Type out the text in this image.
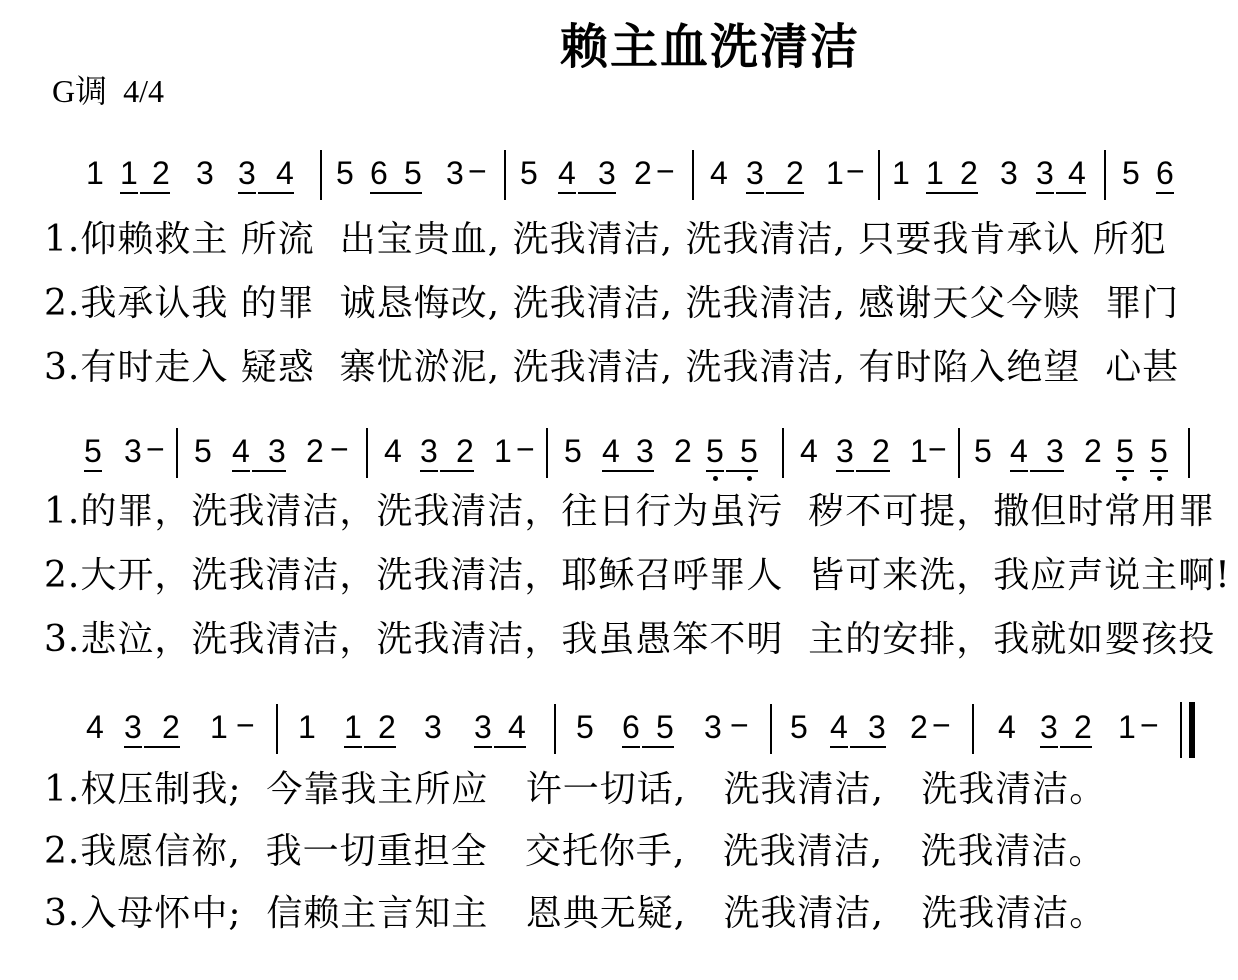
赖主血洗清洁
G调  4/4
1 1 2 3 3 4 5 6 5 3 − 5 4 3 2 − 4 3 2 1 − 1 1 2 3 3 4 5 6
1.仰赖救主 所流  出宝贵血, 洗我清洁, 洗我清洁, 只要我肯承认 所犯
2.我承认我 的罪  诚恳悔改, 洗我清洁, 洗我清洁, 感谢天父今赎  罪门
3.有时走入 疑惑  寨忧淤泥, 洗我清洁, 洗我清洁, 有时陷入绝望  心甚
5 3 − 5 4 3 2 − 4 3 2 1 − 5 4 3 2 5 5 4 3 2 1 − 5 4 3 2 5 5
1.的罪，洗我清洁，洗我清洁，往日行为虽污  秽不可提，撒但时常用罪
2.大开，洗我清洁，洗我清洁，耶稣召呼罪人  皆可来洗，我应声说主啊!
3.悲泣，洗我清洁，洗我清洁，我虽愚笨不明  主的安排，我就如婴孩投
4 3 2 1 − 1 1 2 3 3 4 5 6 5 3 − 5 4 3 2 − 4 3 2 1 −
1.权压制我;  今靠我主所应   许一切话,   洗我清洁,   洗我清洁。
2.我愿信祢,  我一切重担全   交托你手,   洗我清洁,   洗我清洁。
3.入母怀中;  信赖主言知主   恩典无疑,   洗我清洁,   洗我清洁。
